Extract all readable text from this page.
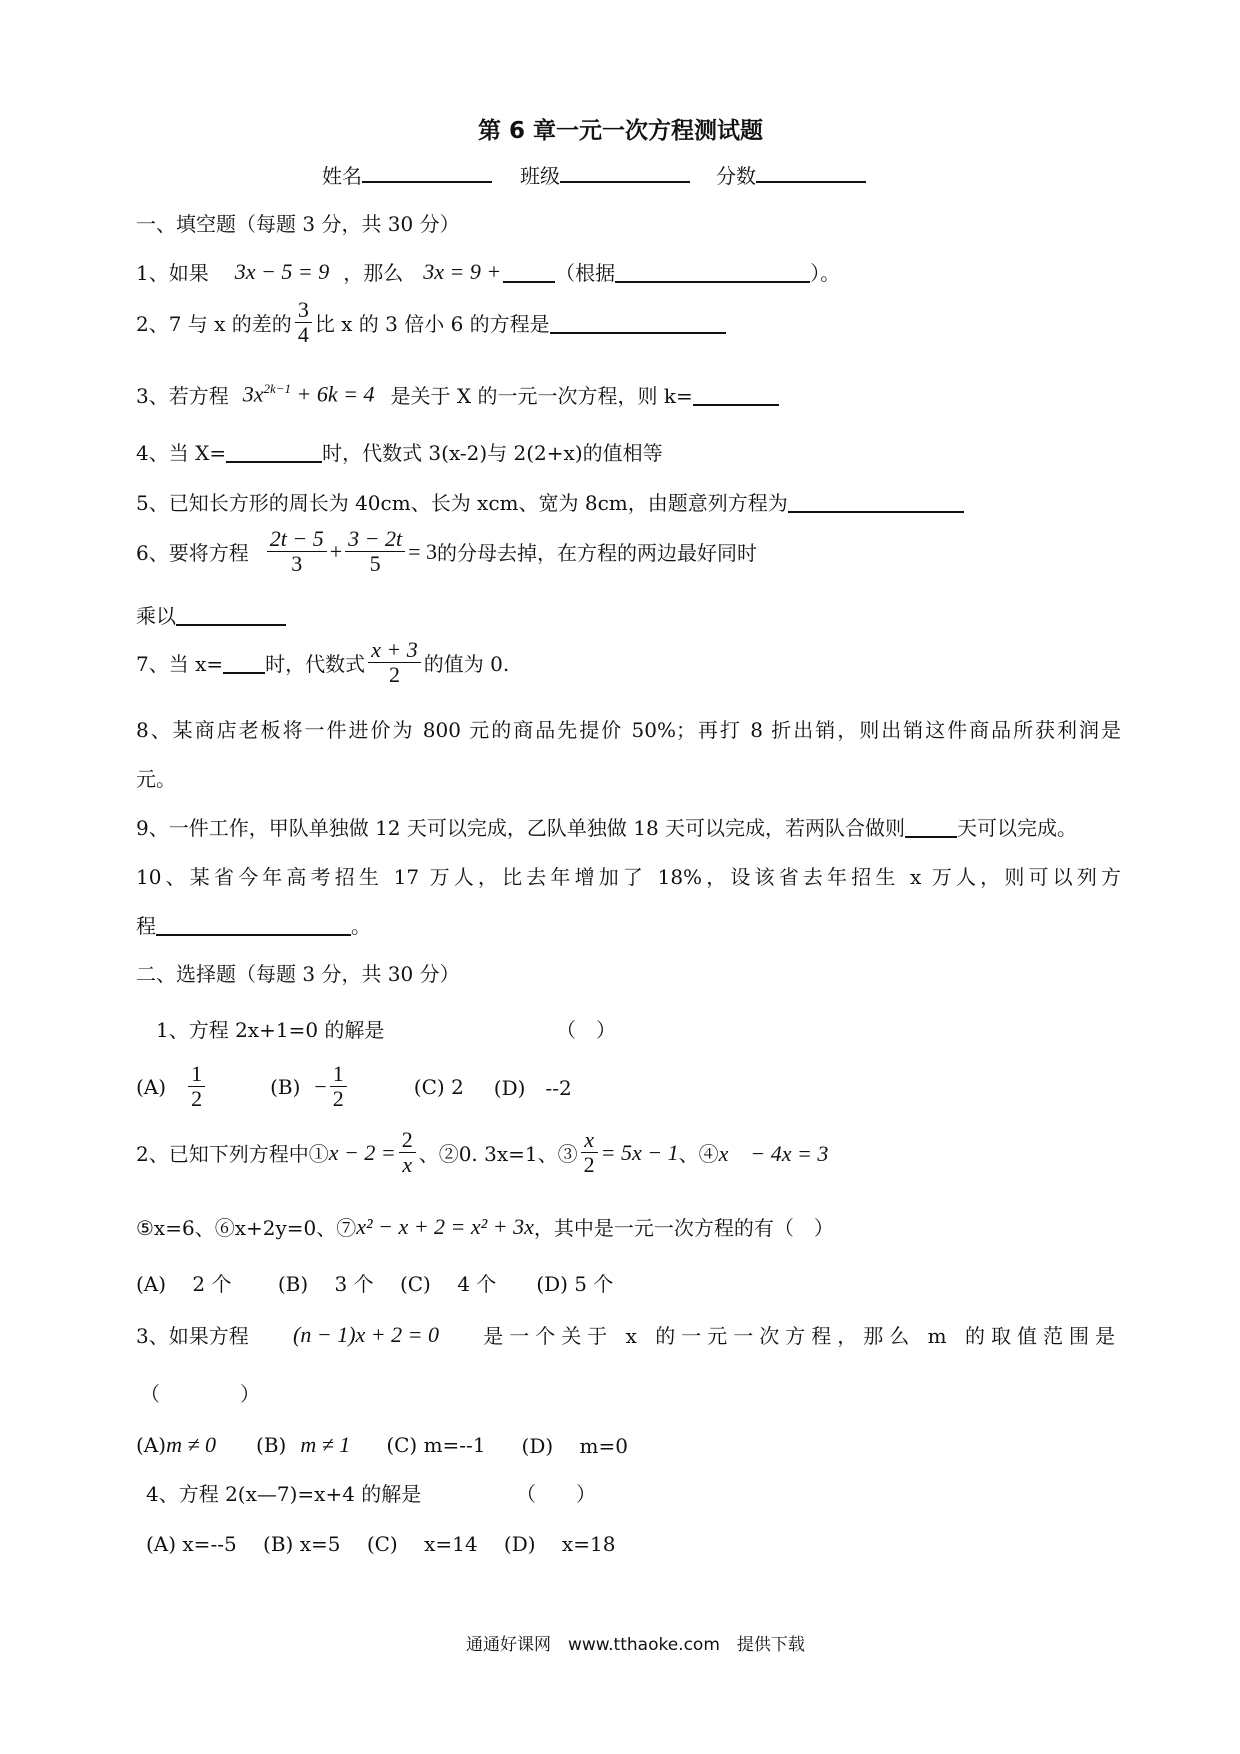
第 6 章一元一次方程测试题
姓名	班级	分数
一、填空题（每题 3 分，共 30 分）
1、如果 3x − 5 = 9 ，那么 3x = 9 +	（根据	）。
2、7 与 x 的差的 $\frac{3}{4}$ 比 x 的 3 倍小 6 的方程是
3、若方程 $3x^{2k-1} + 6k = 4$ 是关于 X 的一元一次方程，则 k=
4、当 X=	时，代数式 3(x-2)与 2(2+x)的值相等
5、已知长方形的周长为 40cm、长为 xcm、宽为 8cm，由题意列方程为
6、要将方程 $\frac{2t - 5}{3} + \frac{3 - 2t}{5} = 3$ 的分母去掉，在方程的两边最好同时
乘以
7、当 x= 时，代数式 $\frac{x + 3}{2}$ 的值为 0.
8、某商店老板将一件进价为 800 元的商品先提价 50%；再打 8 折出销，则出销这件商品所获利润是
元。
9、一件工作，甲队单独做 12 天可以完成，乙队单独做 18 天可以完成，若两队合做则	天可以完成。
10、某省今年高考招生 17 万人，比去年增加了 18%，设该省去年招生 x 万人，则可以列方
程	。
二、选择题（每题 3 分，共 30 分）
1、方程 2x+1=0 的解是	（　）
$(A) \frac{1}{2}$	$(B) - \frac{1}{2}$	(C) 2 (D)　--2
2、已知下列方程中① $x - 2 = \frac{2}{x}$ 、②0. 3x=1、③ $\frac{x}{2} = 5x - 1$ 、④ x　− 4x = 3
⑤x=6、⑥x+2y=0、⑦ x² − x + 2 = x² + 3x ，其中是一元一次方程的有（　）
(A)　 2 个　　 (B)　 3 个　 (C)　 4 个　　(D) 5 个
3、如果方程 (n − 1)x + 2 = 0 是一个关于 x 的一元一次方程，那么 m 的取值范围是
（　　　　）
(A) m ≠ 0 (B) m ≠ 1 (C) m=--1 (D)　 m=0
4、方程 2(x—7)=x+4 的解是	（　　）
(A) x=--5　 (B) x=5　 (C)　 x=14　 (D)　 x=18
通通好课网　www.tthaoke.com　提供下载
